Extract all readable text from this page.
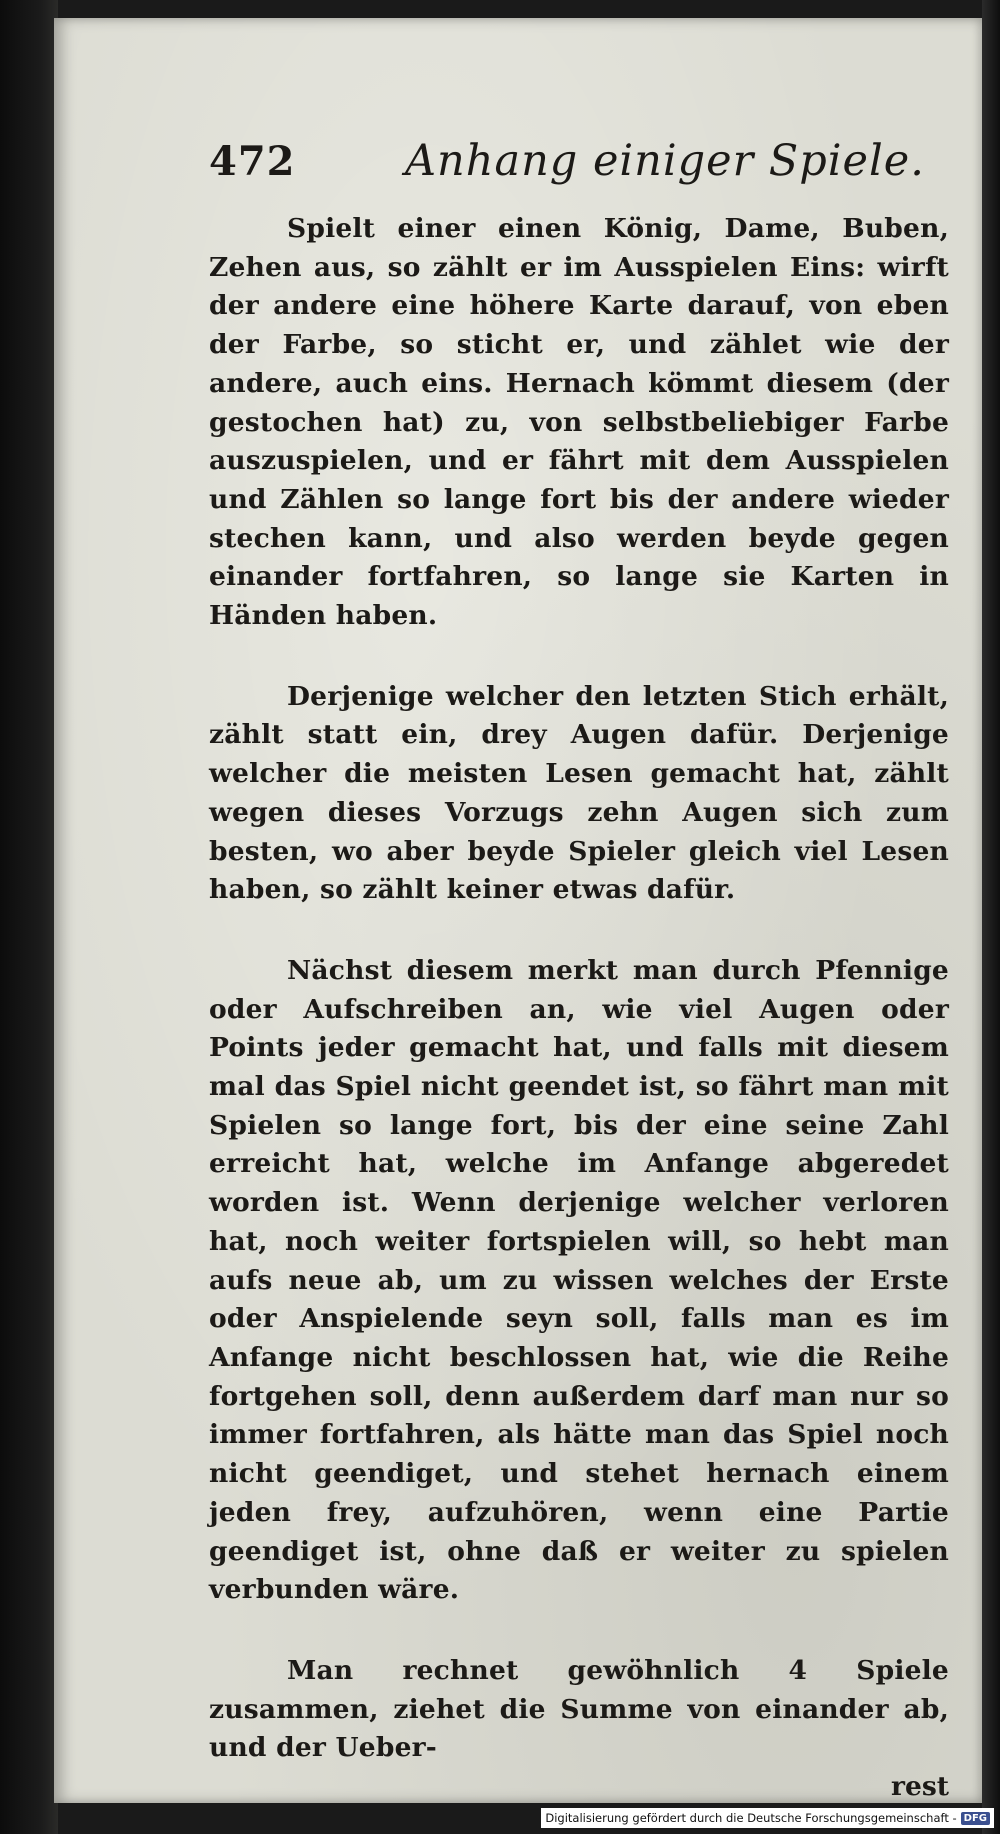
472	Anhang einiger Spiele.

Spielt einer einen König, Dame, Buben, Zehen aus, so zählt er im Ausspielen Eins: wirft der andere eine höhere Karte darauf, von eben der Farbe, so sticht er, und zählet wie der andere, auch eins. Hernach kömmt diesem (der gestochen hat) zu, von selbstbeliebiger Farbe auszuspielen, und er fährt mit dem Ausspielen und Zählen so lange fort bis der andere wieder stechen kann, und also werden beyde gegen einander fortfahren, so lange sie Karten in Händen haben.

Derjenige welcher den letzten Stich erhält, zählt statt ein, drey Augen dafür. Derjenige welcher die meisten Lesen gemacht hat, zählt wegen dieses Vorzugs zehn Augen sich zum besten, wo aber beyde Spieler gleich viel Lesen haben, so zählt keiner etwas dafür.

Nächst diesem merkt man durch Pfennige oder Aufschreiben an, wie viel Augen oder Points jeder gemacht hat, und falls mit diesem mal das Spiel nicht geendet ist, so fährt man mit Spielen so lange fort, bis der eine seine Zahl erreicht hat, welche im Anfange abgeredet worden ist. Wenn derjenige welcher verloren hat, noch weiter fortspielen will, so hebt man aufs neue ab, um zu wissen welches der Erste oder Anspielende seyn soll, falls man es im Anfange nicht beschlossen hat, wie die Reihe fortgehen soll, denn außerdem darf man nur so immer fortfahren, als hätte man das Spiel noch nicht geendiget, und stehet hernach einem jeden frey, aufzuhören, wenn eine Partie geendiget ist, ohne daß er weiter zu spielen verbunden wäre.

Man rechnet gewöhnlich 4 Spiele zusammen, ziehet die Summe von einander ab, und der Ueber-

rest

Digitalisierung gefördert durch die Deutsche Forschungsgemeinschaft - DFG
